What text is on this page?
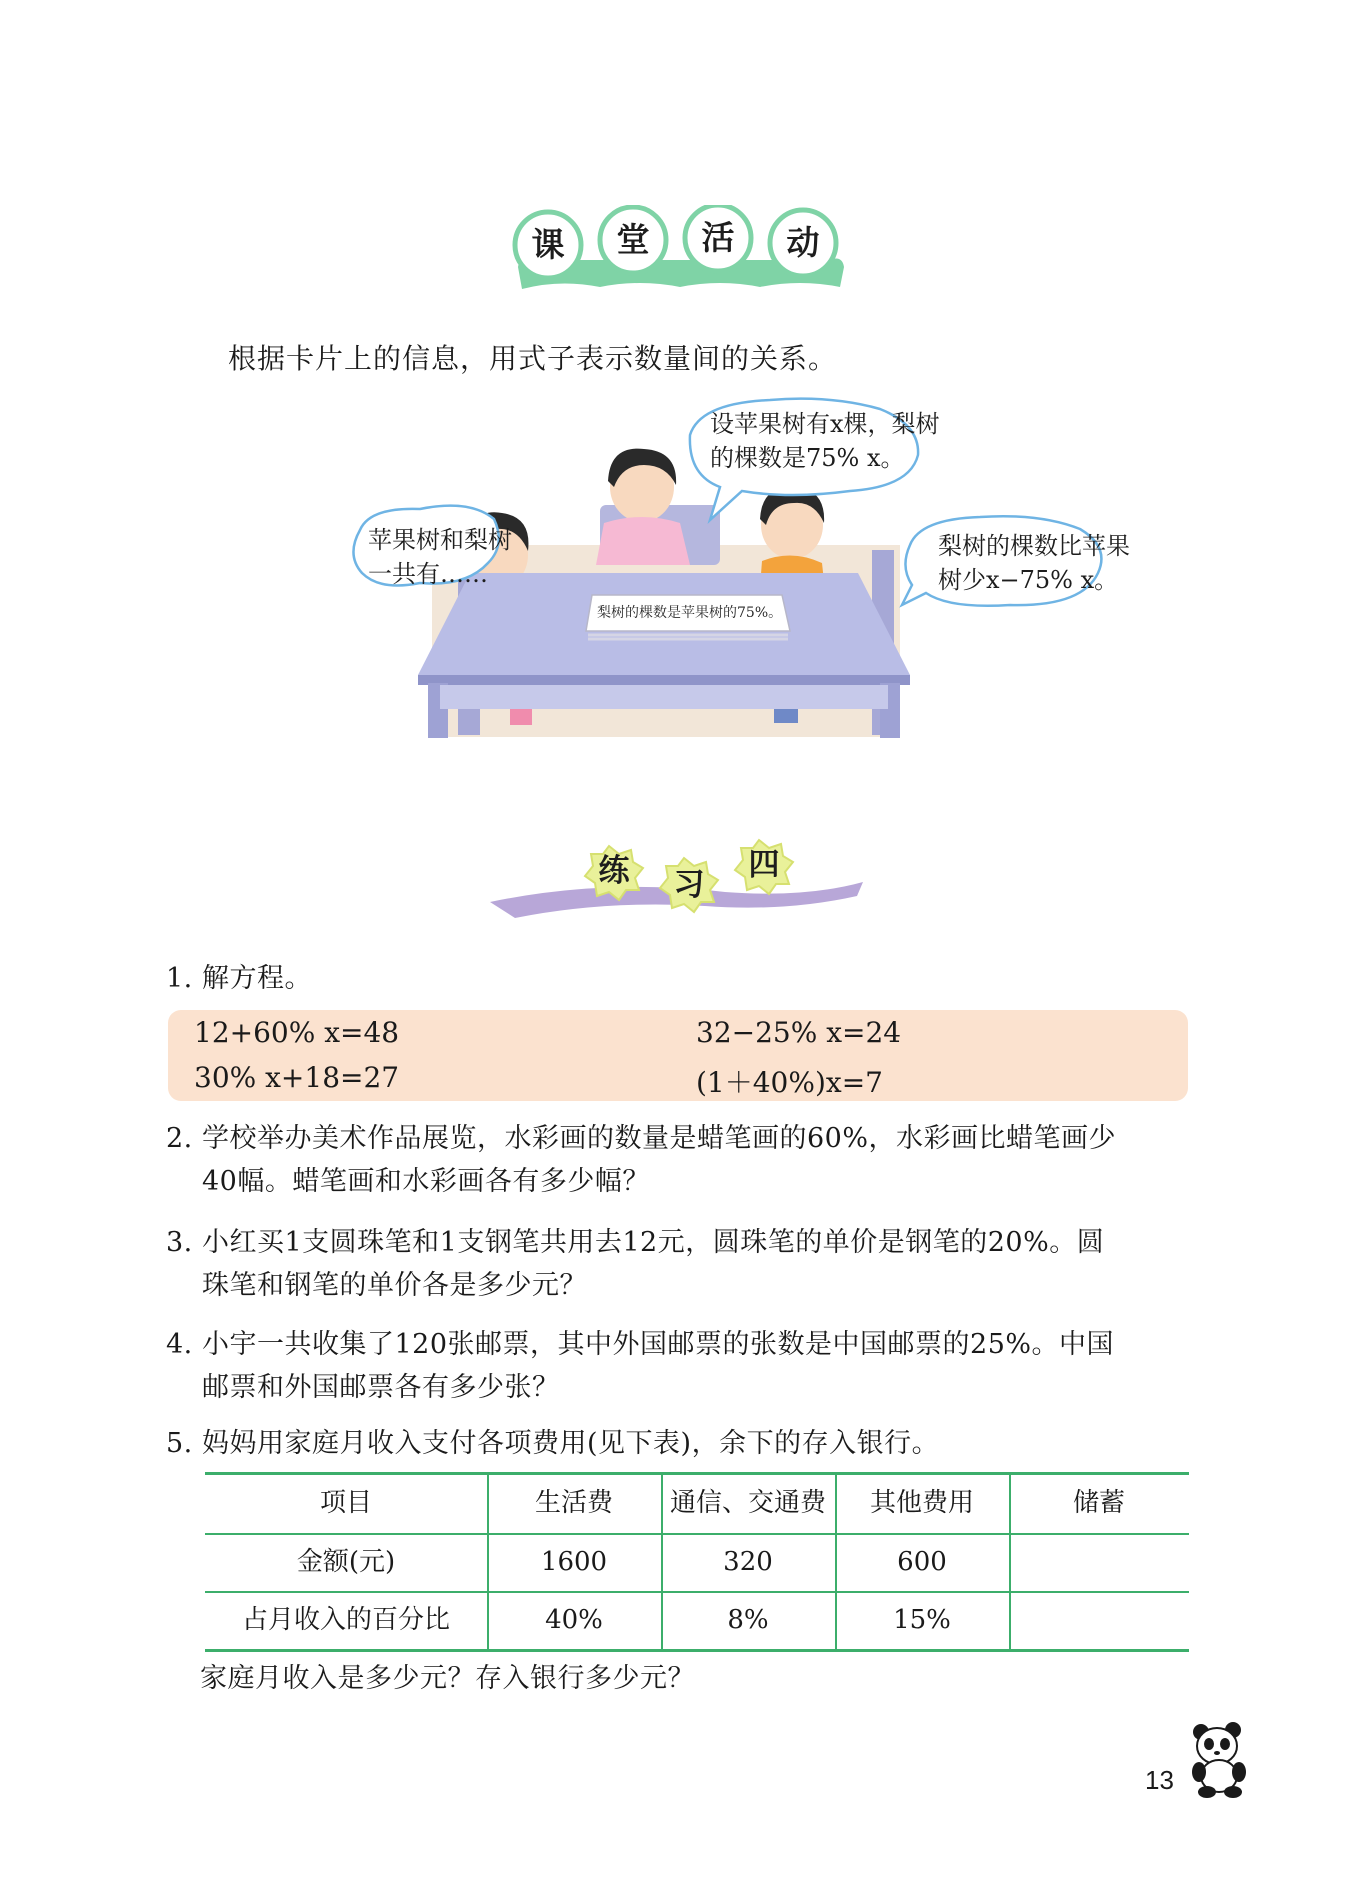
课 堂 活 动
根据卡片上的信息，用式子表示数量间的关系。
梨树的棵数是苹果树的75%。
苹果树和梨树
一共有……
设苹果树有x棵，梨树
的棵数是75% x。
梨树的棵数比苹果
树少x−75% x。
练	习
四
1. 解方程。
12+60% x=48	32−25% x=24
30% x+18=27	(1＋40%)x=7
2. 学校举办美术作品展览，水彩画的数量是蜡笔画的60%，水彩画比蜡笔画少
40幅。蜡笔画和水彩画各有多少幅？
3. 小红买1支圆珠笔和1支钢笔共用去12元，圆珠笔的单价是钢笔的20%。圆
珠笔和钢笔的单价各是多少元？
4. 小宇一共收集了120张邮票，其中外国邮票的张数是中国邮票的25%。中国
邮票和外国邮票各有多少张？
5. 妈妈用家庭月收入支付各项费用(见下表)，余下的存入银行。
项目	生活费	通信、交通费	其他费用	储蓄
金额(元)	1600	320	600
占月收入的百分比	40%	8%	15%
家庭月收入是多少元？存入银行多少元？
13
